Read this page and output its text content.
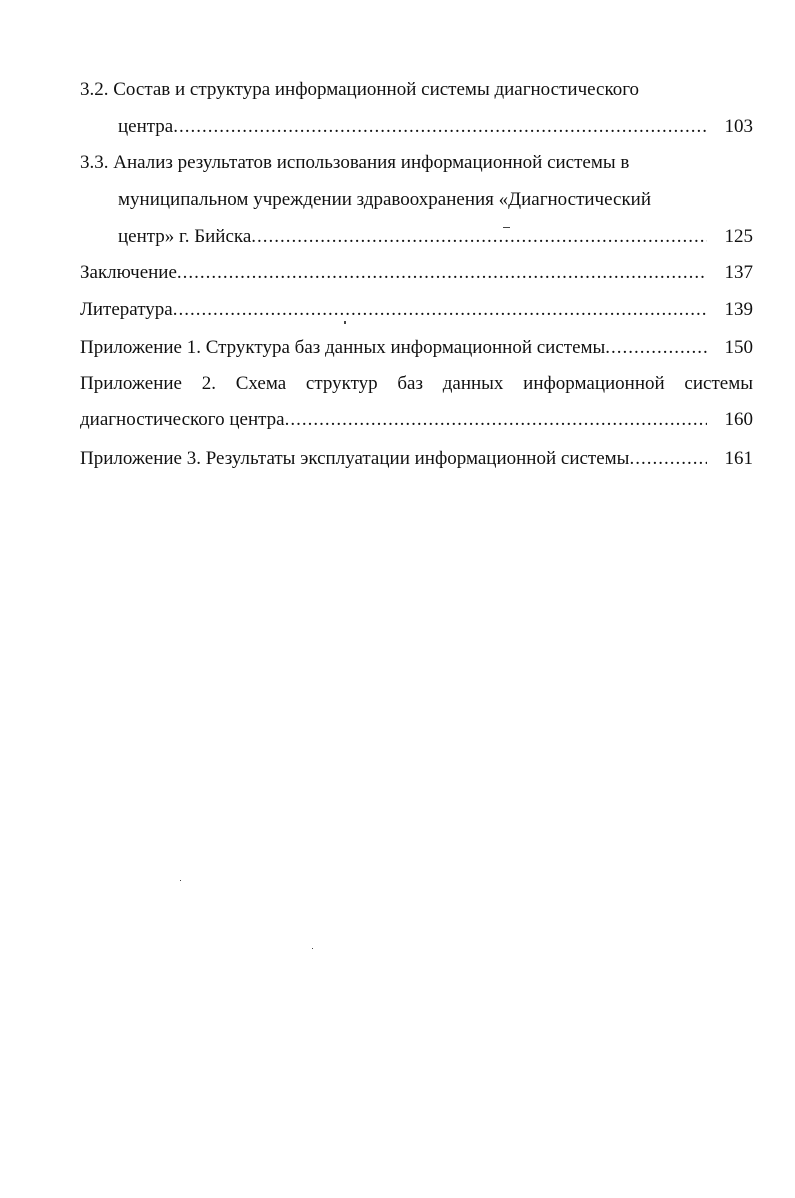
3.2. Состав и структура информационной системы диагностического
центра .....	103
3.3. Анализ результатов использования информационной системы в
муниципальном учреждении здравоохранения «Диагностический
центр» г. Бийска .....	125
Заключение .....	137
Литература .....	139
Приложение 1. Структура баз данных информационной системы .....	150
Приложение 2. Схема структур баз данных информационной системы
диагностического центра .....	160
Приложение 3. Результаты эксплуатации информационной системы .....	161
